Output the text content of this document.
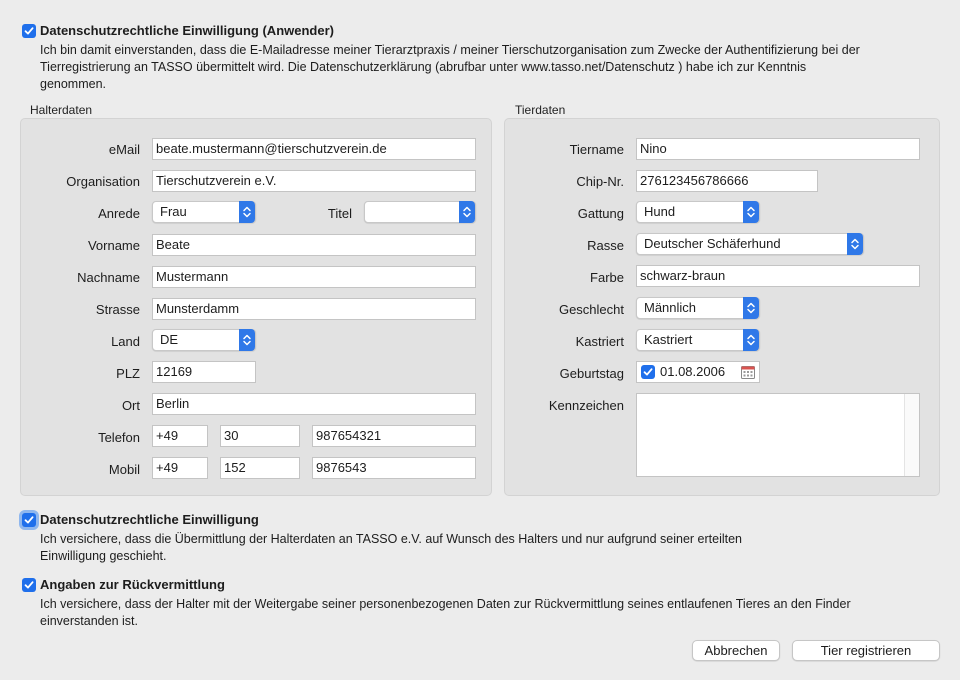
Datenschutzrechtliche Einwilligung (Anwender)
Ich bin damit einverstanden, dass die E-Mailadresse meiner Tierarztpraxis / meiner Tierschutzorganisation zum Zwecke der Authentifizierung bei der
Tierregistrierung an TASSO übermittelt wird. Die Datenschutzerklärung (abrufbar unter www.tasso.net/Datenschutz ) habe ich zur Kenntnis
genommen.
Halterdaten
eMail	beate.mustermann@tierschutzverein.de
Organisation	Tierschutzverein e.V.
Anrede	Frau	Titel
Vorname	Beate
Nachname	Mustermann
Strasse	Munsterdamm
Land	DE
PLZ	12169
Ort	Berlin
Telefon	+49	30	987654321
Mobil	+49	152	9876543
Tierdaten
Tiername	Nino
Chip-Nr.	276123456786666
Gattung	Hund
Rasse	Deutscher Schäferhund
Farbe	schwarz-braun
Geschlecht	Männlich
Kastriert	Kastriert
Geburtstag	01.08.2006
Kennzeichen
Datenschutzrechtliche Einwilligung
Ich versichere, dass die Übermittlung der Halterdaten an TASSO e.V. auf Wunsch des Halters und nur aufgrund seiner erteilten
Einwilligung geschieht.
Angaben zur Rückvermittlung
Ich versichere, dass der Halter mit der Weitergabe seiner personenbezogenen Daten zur Rückvermittlung seines entlaufenen Tieres an den Finder
einverstanden ist.
Abbrechen	Tier registrieren
